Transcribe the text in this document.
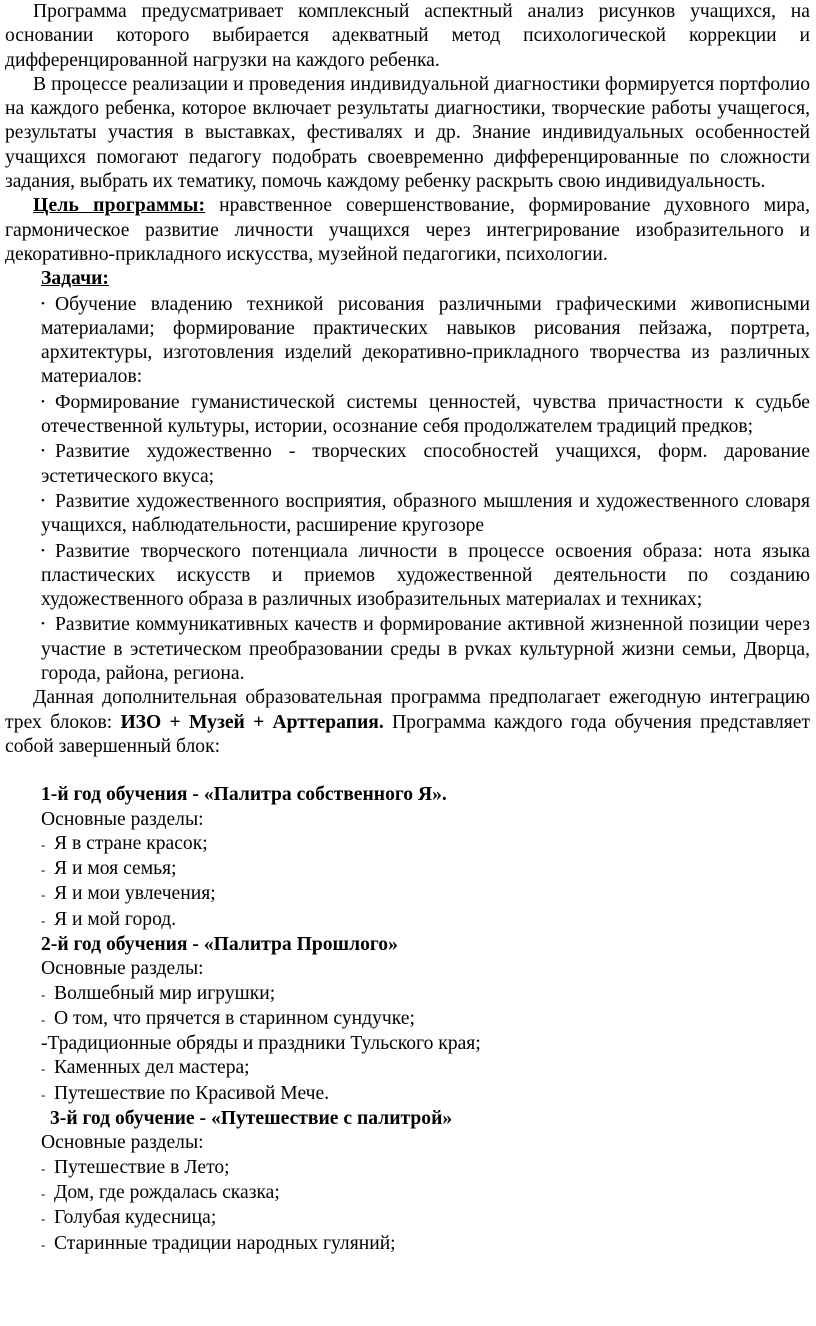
Программа предусматривает комплексный аспектный анализ рисунков учащихся, на основании которого выбирается адекватный метод психологической коррекции и дифференцированной нагрузки на каждого ребенка.

В процессе реализации и проведения индивидуальной диагностики формируется портфолио на каждого ребенка, которое включает результаты диагностики, творческие работы учащегося, результаты участия в выставках, фестивалях и др. Знание индивидуальных особенностей учащихся помогают педагогу подобрать своевременно дифференцированные по сложности задания, выбрать их тематику, помочь каждому ребенку раскрыть свою индивидуальность.

Цель программы: нравственное совершенствование, формирование духовного мира, гармоническое развитие личности учащихся через интегрирование изобразительного и декоративно-прикладного искусства, музейной педагогики, психологии.

Задачи:

• Обучение владению техникой рисования различными графическими живописными материалами; формирование практических навыков рисования пейзажа, портрета, архитектуры, изготовления изделий декоративно-прикладного творчества из различных материалов:
• Формирование гуманистической системы ценностей, чувства причастности к судьбе отечественной культуры, истории, осознание себя продолжателем традиций предков;
• Развитие художественно - творческих способностей учащихся, форм. дарование эстетического вкуса;
• Развитие художественного восприятия, образного мышления и художественного словаря учащихся, наблюдательности, расширение кругозоре
• Развитие творческого потенциала личности в процессе освоения образа: нота языка пластических искусств и приемов художественной деятельности по созданию художественного образа в различных изобразительных материалах и техниках;
• Развитие коммуникативных качеств и формирование активной жизненной позиции через участие в эстетическом преобразовании среды в рvках культурной жизни семьи, Дворца, города, района, региона.

Данная дополнительная образовательная программа предполагает ежегодную интеграцию трех блоков: ИЗО + Музей + Арттерапия. Программа каждого года обучения представляет собой завершенный блок:

1-й год обучения - «Палитра собственного Я».

Основные разделы:

- Я в стране красок;
- Я и моя семья;
- Я и мои увлечения;
- Я и мой город.

2-й год обучения - «Палитра Прошлого»

Основные разделы:

- Волшебный мир игрушки;
- О том, что прячется в старинном сундучке;
-Традиционные обряды и праздники Тульского края;
- Каменных дел мастера;
- Путешествие по Красивой Мече.

3-й год обучение - «Путешествие с палитрой»

Основные разделы:

- Путешествие в Лето;
- Дом, где рождалась сказка;
- Голубая кудесница;
- Старинные традиции народных гуляний;
